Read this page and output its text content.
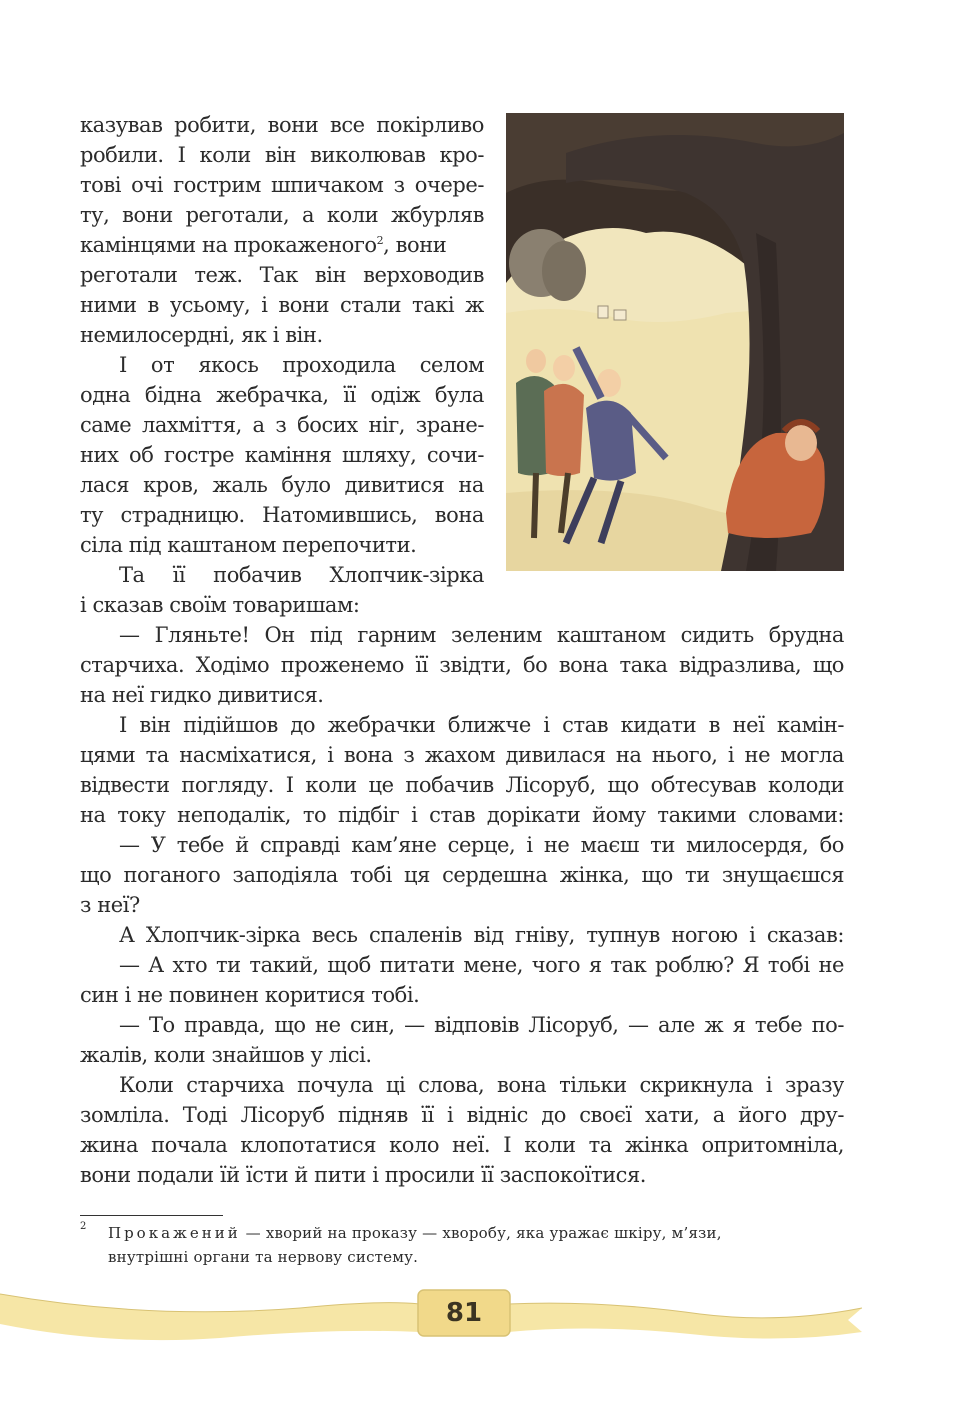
казував робити, вони все покірливо
робили. І коли він виколював кро-
тові очі гострим шпичаком з очере-
ту, вони реготали, а коли жбурляв
камінцями на прокаженого$^2$, вони
реготали теж. Так він верховодив
ними в усьому, і вони стали такі ж
немилосердні, як і він.
І от якось проходила селом
одна бідна жебрачка, її одіж була
саме лахміття, а з босих ніг, зране-
них об гостре каміння шляху, сочи-
лася кров, жаль було дивитися на
ту страдницю. Натомившись, вона
сіла під каштаном перепочити.
Та її побачив Хлопчик-зірка
і сказав своїм товаришам:
— Гляньте! Он під гарним зеленим каштаном сидить брудна
старчиха. Ходімо проженемо її звідти, бо вона така відразлива, що
на неї гидко дивитися.
І він підійшов до жебрачки ближче і став кидати в неї камін-
цями та насміхатися, і вона з жахом дивилася на нього, і не могла
відвести погляду. І коли це побачив Лісоруб, що обтесував колоди
на току неподалік, то підбіг і став дорікати йому такими словами:
— У тебе й справді кам’яне серце, і не маєш ти милосердя, бо
що поганого заподіяла тобі ця сердешна жінка, що ти знущаєшся
з неї?
А Хлопчик-зірка весь спаленів від гніву, тупнув ногою і сказав:
— А хто ти такий, щоб питати мене, чого я так роблю? Я тобі не
син і не повинен коритися тобі.
— То правда, що не син, — відповів Лісоруб, — але ж я тебе по-
жалів, коли знайшов у лісі.
Коли старчиха почула ці слова, вона тільки скрикнула і зразу
зомліла. Тоді Лісоруб підняв її і відніс до своєї хати, а його дру-
жина почала клопотатися коло неї. І коли та жінка опритомніла,
вони подали їй їсти й пити і просили її заспокоїтися.
2 Прокажений — хворий на проказу — хворобу, яка уражає шкіру, м’язи,
внутрішні органи та нервову систему.
81
